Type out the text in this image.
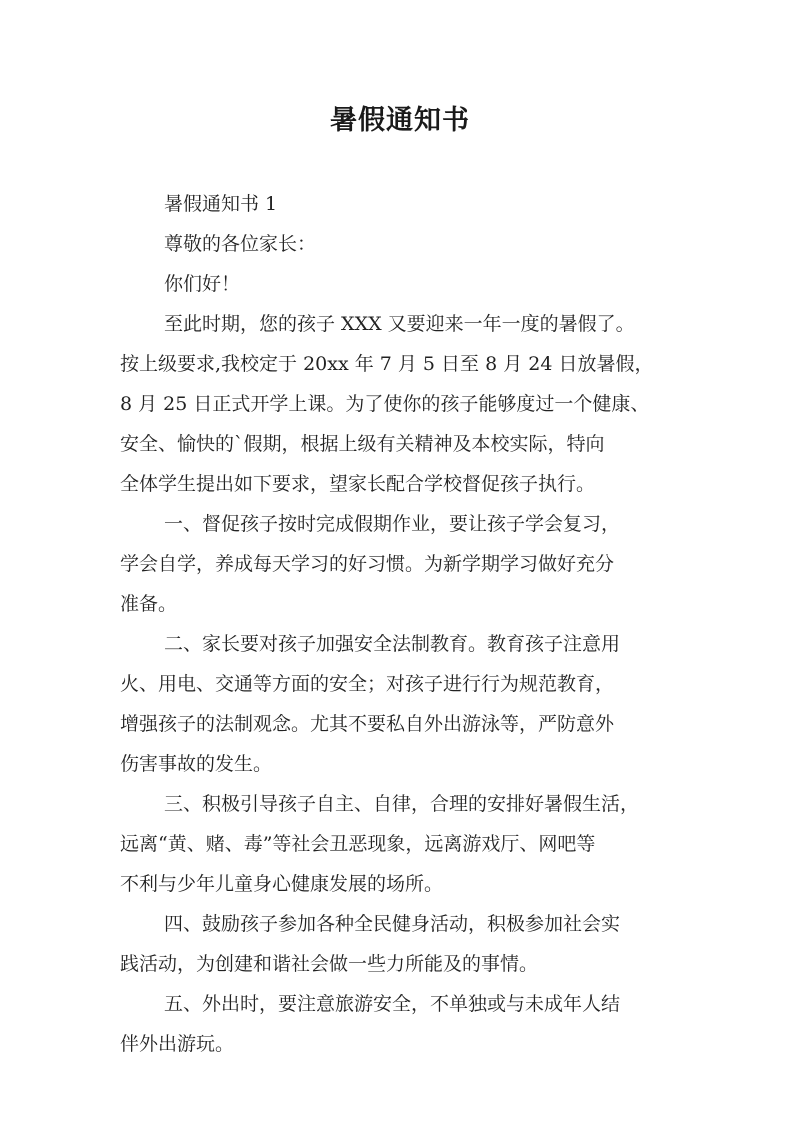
暑假通知书

暑假通知书 1

尊敬的各位家长：

你们好！

至此时期，您的孩子 XXX 又要迎来一年一度的暑假了。

按上级要求,我校定于 20xx 年 7 月 5 日至 8 月 24 日放暑假，

8 月 25 日正式开学上课。为了使你的孩子能够度过一个健康、

安全、愉快的`假期，根据上级有关精神及本校实际，特向

全体学生提出如下要求，望家长配合学校督促孩子执行。

一、督促孩子按时完成假期作业，要让孩子学会复习，

学会自学，养成每天学习的好习惯。为新学期学习做好充分

准备。

二、家长要对孩子加强安全法制教育。教育孩子注意用

火、用电、交通等方面的安全；对孩子进行行为规范教育，

增强孩子的法制观念。尤其不要私自外出游泳等，严防意外

伤害事故的发生。

三、积极引导孩子自主、自律，合理的安排好暑假生活，

远离“黄、赌、毒”等社会丑恶现象，远离游戏厅、网吧等

不利与少年儿童身心健康发展的场所。

四、鼓励孩子参加各种全民健身活动，积极参加社会实

践活动，为创建和谐社会做一些力所能及的事情。

五、外出时，要注意旅游安全，不单独或与未成年人结

伴外出游玩。
